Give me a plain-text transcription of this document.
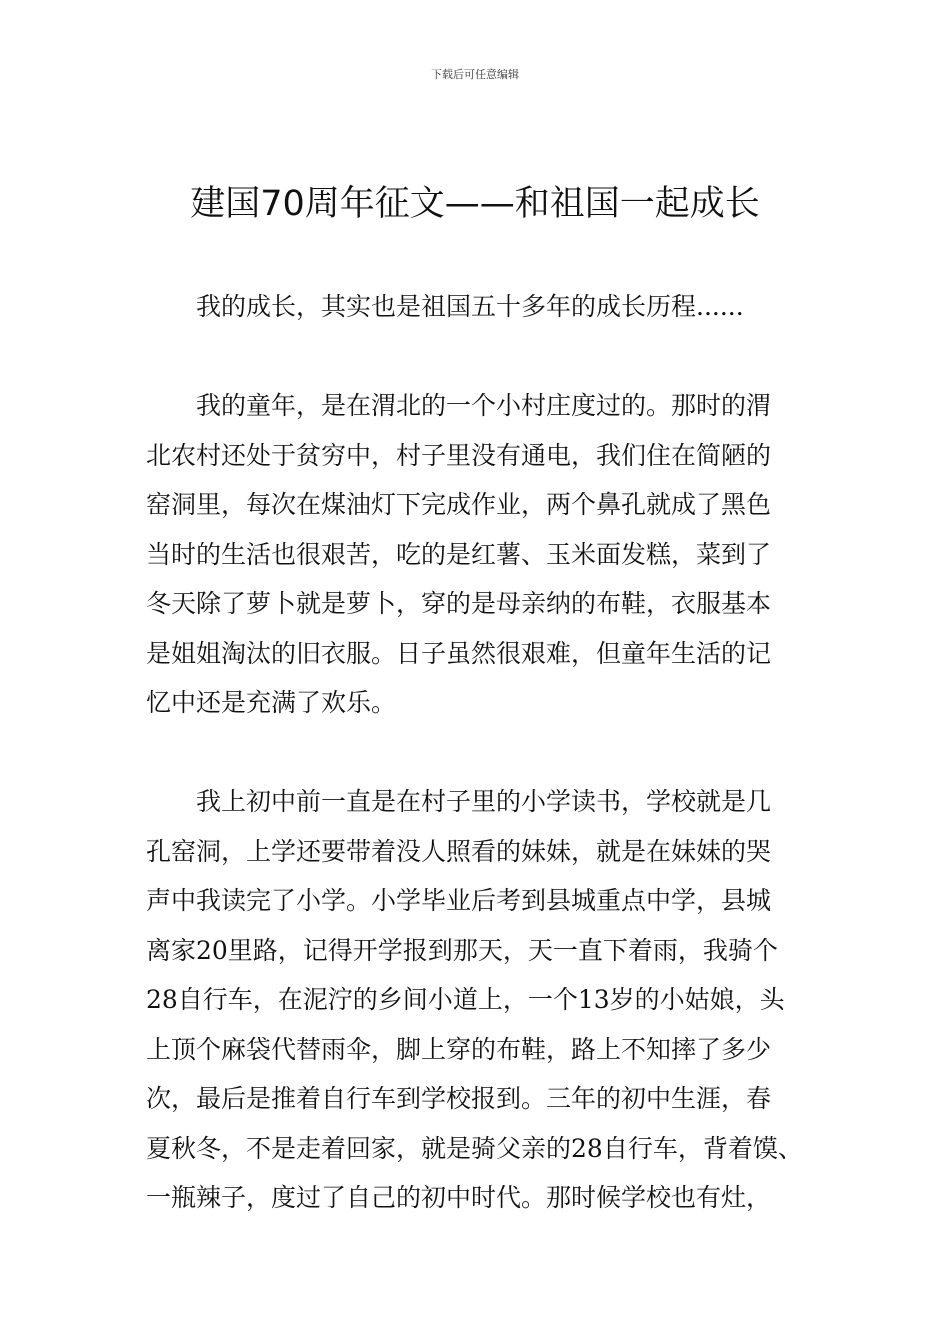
下载后可任意编辑
建国70周年征文——和祖国一起成长
我的成长，其实也是祖国五十多年的成长历程......
我的童年，是在渭北的一个小村庄度过的。那时的渭
北农村还处于贫穷中，村子里没有通电，我们住在简陋的
窑洞里，每次在煤油灯下完成作业，两个鼻孔就成了黑色
当时的生活也很艰苦，吃的是红薯、玉米面发糕，菜到了
冬天除了萝卜就是萝卜，穿的是母亲纳的布鞋，衣服基本
是姐姐淘汰的旧衣服。日子虽然很艰难，但童年生活的记
忆中还是充满了欢乐。
我上初中前一直是在村子里的小学读书，学校就是几
孔窑洞，上学还要带着没人照看的妹妹，就是在妹妹的哭
声中我读完了小学。小学毕业后考到县城重点中学，县城
离家20里路，记得开学报到那天，天一直下着雨，我骑个
28自行车，在泥泞的乡间小道上，一个13岁的小姑娘，头
上顶个麻袋代替雨伞，脚上穿的布鞋，路上不知摔了多少
次，最后是推着自行车到学校报到。三年的初中生涯，春
夏秋冬，不是走着回家，就是骑父亲的28自行车，背着馍、
一瓶辣子，度过了自己的初中时代。那时候学校也有灶，
